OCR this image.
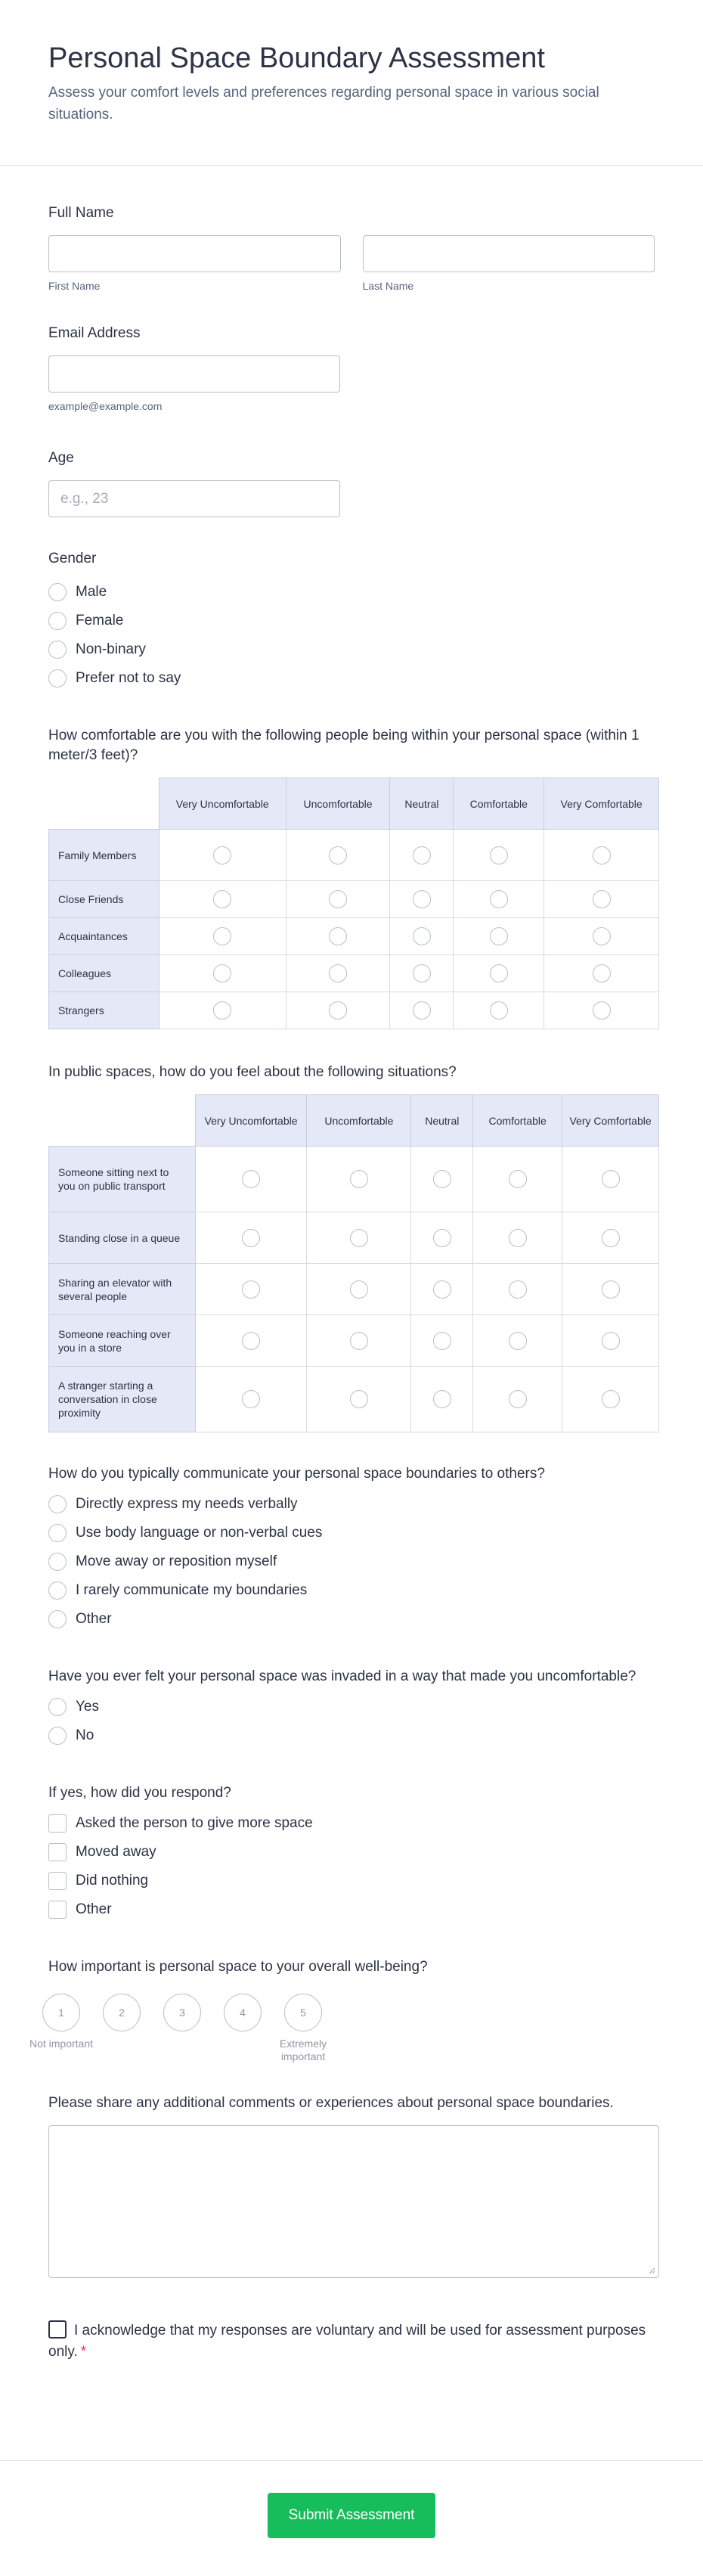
Personal Space Boundary Assessment

Assess your comfort levels and preferences regarding personal space in various social situations.

Full Name
First Name	Last Name
Email Address
example@example.com
Age
e.g., 23
Gender
Male
Female
Non-binary
Prefer not to say
How comfortable are you with the following people being within your personal space (within 1 meter/3 feet)?
	Very Uncomfortable	Uncomfortable	Neutral	Comfortable	Very Comfortable
Family Members					
Close Friends					
Acquaintances					
Colleagues					
Strangers					
In public spaces, how do you feel about the following situations?
	Very Uncomfortable	Uncomfortable	Neutral	Comfortable	Very Comfortable
Someone sitting next to you on public transport					
Standing close in a queue					
Sharing an elevator with several people					
Someone reaching over you in a store					
A stranger starting a conversation in close proximity					
How do you typically communicate your personal space boundaries to others?
Directly express my needs verbally
Use body language or non-verbal cues
Move away or reposition myself
I rarely communicate my boundaries
Other
Have you ever felt your personal space was invaded in a way that made you uncomfortable?
Yes
No
If yes, how did you respond?
Asked the person to give more space
Moved away
Did nothing
Other
How important is personal space to your overall well-being?
1
Not important
2	3	4	5
Extremely important
Please share any additional comments or experiences about personal space boundaries.
I acknowledge that my responses are voluntary and will be used for assessment purposes only. *
Submit Assessment
